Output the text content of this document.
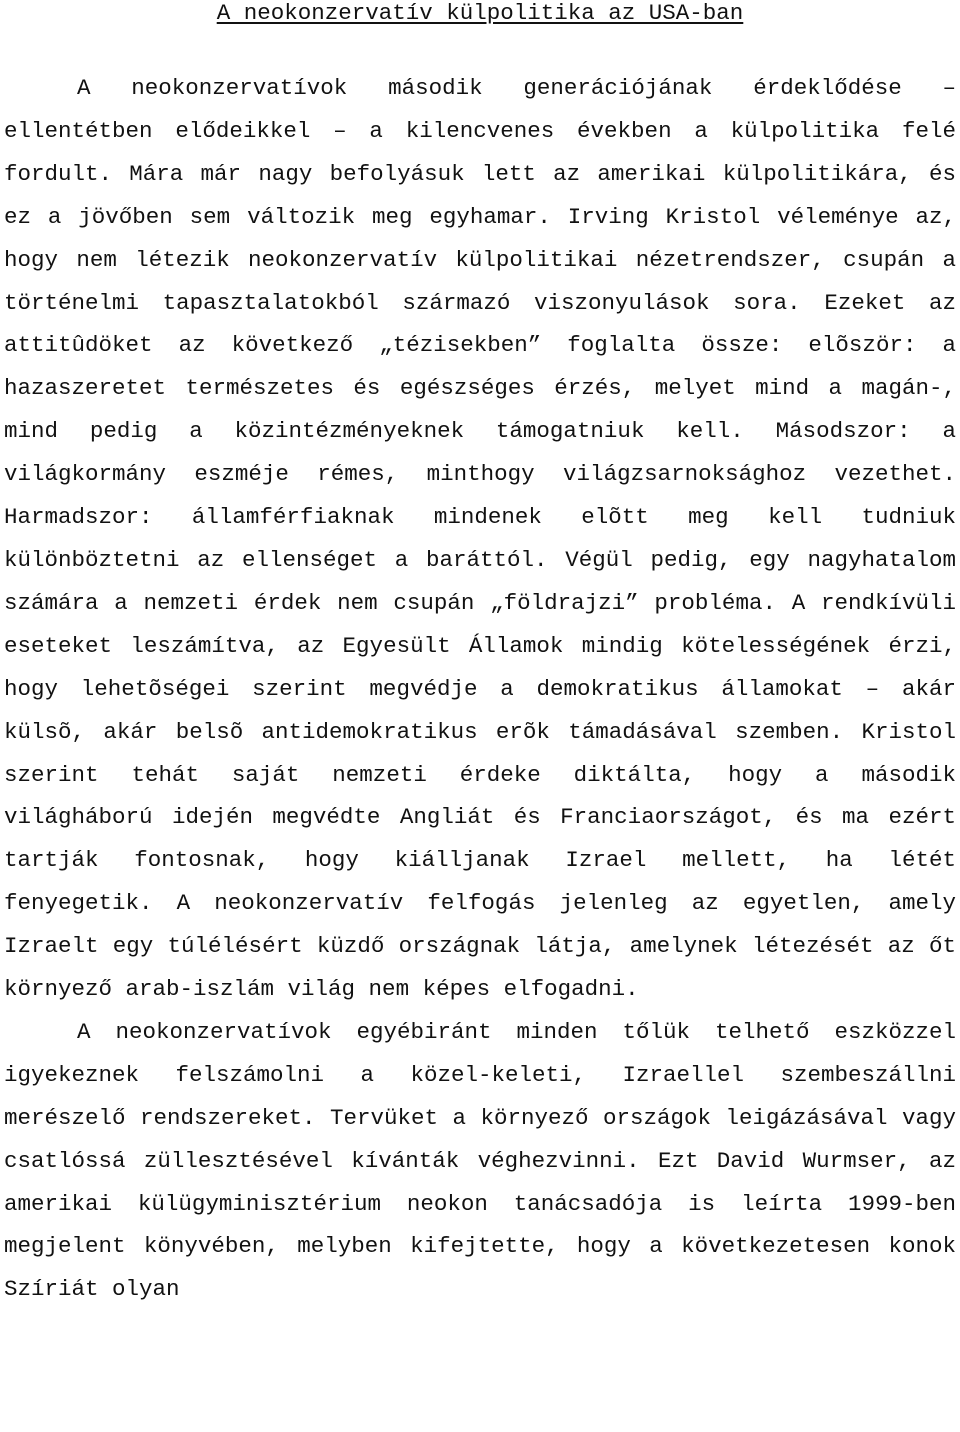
A neokonzervatív külpolitika az USA-ban

A neokonzervatívok második generációjának érdeklődése – ellentétben elődeikkel – a kilencvenes években a külpolitika felé fordult. Mára már nagy befolyásuk lett az amerikai külpolitikára, és ez a jövőben sem változik meg egyhamar. Irving Kristol véleménye az, hogy nem létezik neokonzervatív külpolitikai nézetrendszer, csupán a történelmi tapasztalatokból származó viszonyulások sora. Ezeket az attitûdöket az következő „tézisekben” foglalta össze: elõször: a hazaszeretet természetes és egészséges érzés, melyet mind a magán-, mind pedig a közintézményeknek támogatniuk kell. Másodszor: a világkormány eszméje rémes, minthogy világzsarnoksághoz vezethet. Harmadszor: államférfiaknak mindenek elõtt meg kell tudniuk különböztetni az ellenséget a baráttól. Végül pedig, egy nagyhatalom számára a nemzeti érdek nem csupán „földrajzi” probléma. A rendkívüli eseteket leszámítva, az Egyesült Államok mindig kötelességének érzi, hogy lehetõségei szerint megvédje a demokratikus államokat – akár külsõ, akár belsõ antidemokratikus erõk támadásával szemben. Kristol szerint tehát saját nemzeti érdeke diktálta, hogy a második világháború idején megvédte Angliát és Franciaországot, és ma ezért tartják fontosnak, hogy kiálljanak Izrael mellett, ha létét fenyegetik. A neokonzervatív felfogás jelenleg az egyetlen, amely Izraelt egy túlélésért küzdő országnak látja, amelynek létezését az őt környező arab-iszlám világ nem képes elfogadni.

A neokonzervatívok egyébiránt minden tőlük telhető eszközzel igyekeznek felszámolni a közel-keleti, Izraellel szembeszállni merészelő rendszereket. Tervüket a környező országok leigázásával vagy csatlóssá züllesztésével kívánták véghezvinni. Ezt David Wurmser, az amerikai külügyminisztérium neokon tanácsadója is leírta 1999-ben megjelent könyvében, melyben kifejtette, hogy a következetesen konok Szíriát olyan
